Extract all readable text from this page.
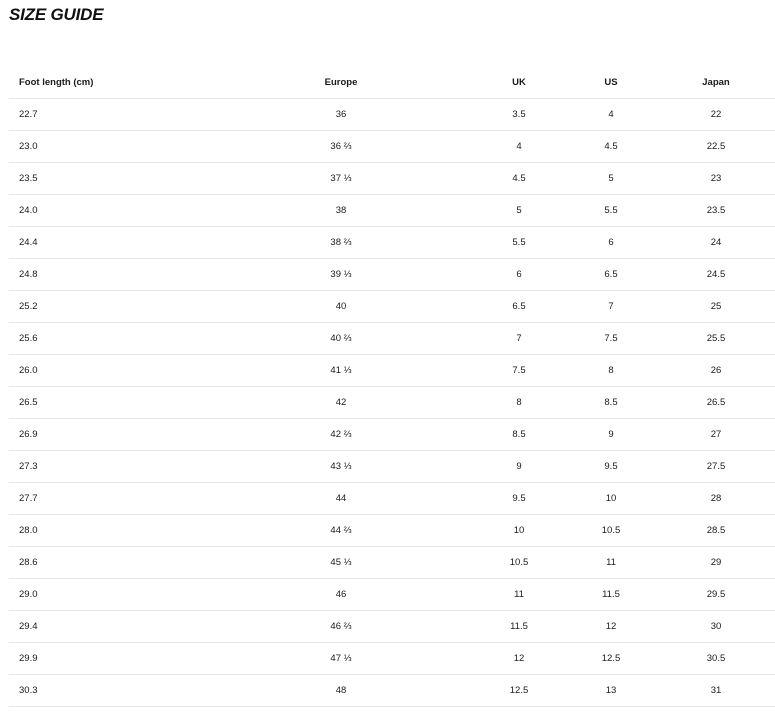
SIZE GUIDE
Foot length (cm)	Europe	UK	US	Japan
22.7	36	3.5	4	22
23.0	36 ⅔	4	4.5	22.5
23.5	37 ⅓	4.5	5	23
24.0	38	5	5.5	23.5
24.4	38 ⅔	5.5	6	24
24.8	39 ⅓	6	6.5	24.5
25.2	40	6.5	7	25
25.6	40 ⅔	7	7.5	25.5
26.0	41 ⅓	7.5	8	26
26.5	42	8	8.5	26.5
26.9	42 ⅔	8.5	9	27
27.3	43 ⅓	9	9.5	27.5
27.7	44	9.5	10	28
28.0	44 ⅔	10	10.5	28.5
28.6	45 ⅓	10.5	11	29
29.0	46	11	11.5	29.5
29.4	46 ⅔	11.5	12	30
29.9	47 ⅓	12	12.5	30.5
30.3	48	12.5	13	31
